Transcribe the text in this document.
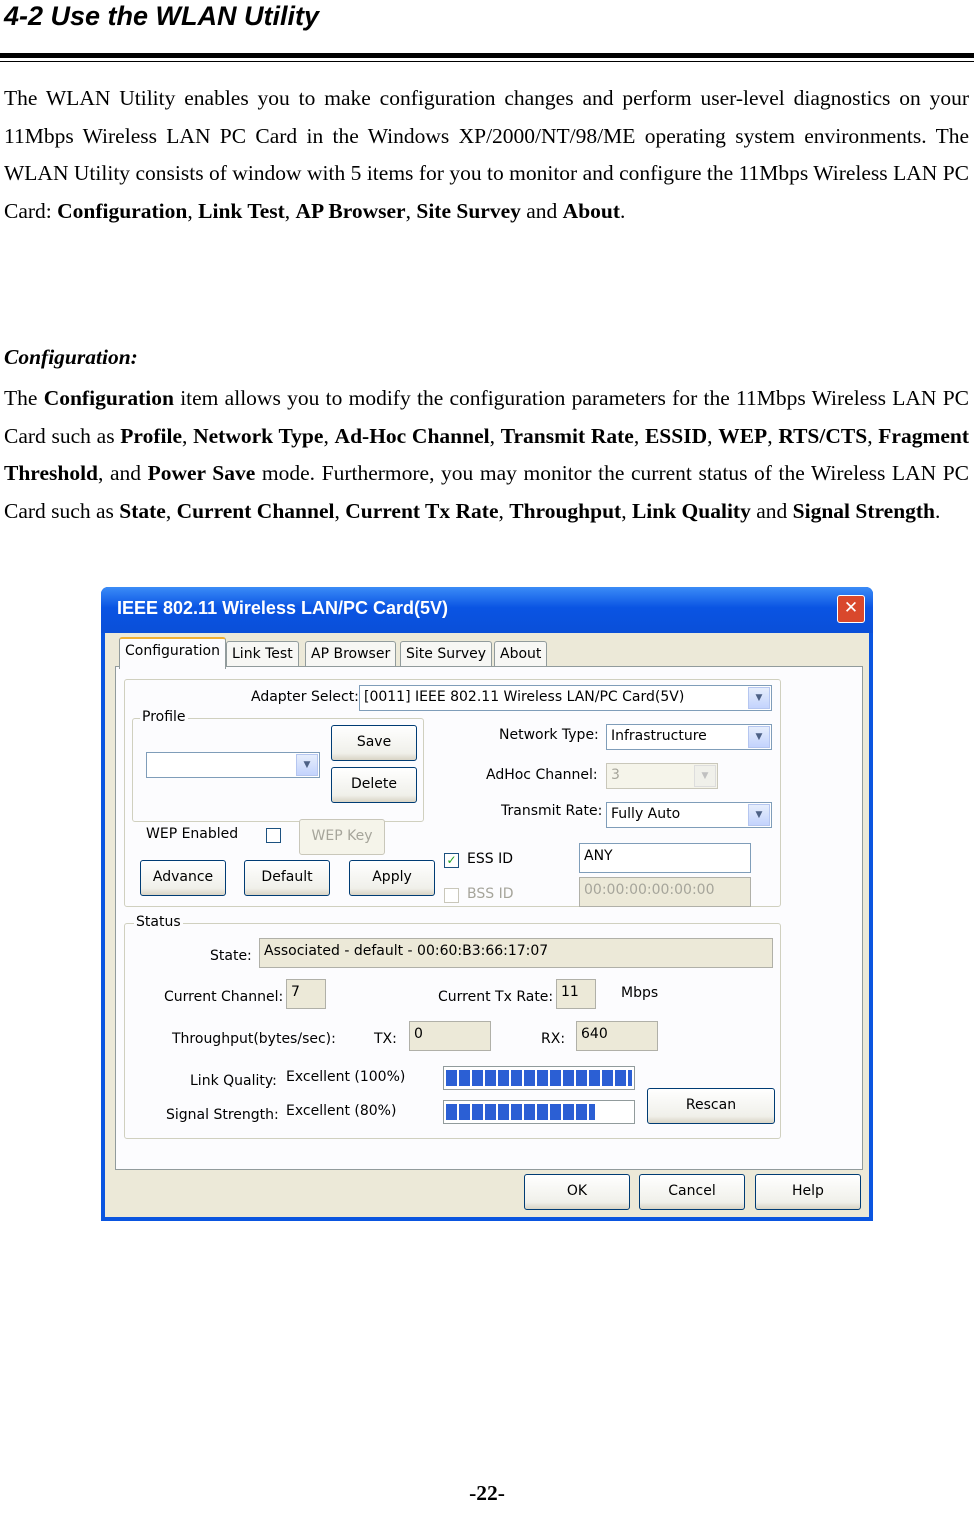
4-2 Use the WLAN Utility
The WLAN Utility enables you to make configuration changes and perform user-level diagnostics on your 11Mbps Wireless LAN PC Card in the Windows XP/2000/NT/98/ME operating system environments. The WLAN Utility consists of window with 5 items for you to monitor and configure the 11Mbps Wireless LAN PC Card: Configuration, Link Test, AP Browser, Site Survey and About.
Configuration:
The Configuration item allows you to modify the configuration parameters for the 11Mbps Wireless LAN PC Card such as Profile, Network Type, Ad-Hoc Channel, Transmit Rate, ESSID, WEP, RTS/CTS, Fragment Threshold, and Power Save mode. Furthermore, you may monitor the current status of the Wireless LAN PC Card such as State, Current Channel, Current Tx Rate, Throughput, Link Quality and Signal Strength.
IEEE 802.11 Wireless LAN/PC Card(5V)	✕
Configuration Link Test	AP Browser	Site Survey About
Adapter Select: [0011] IEEE 802.11 Wireless LAN/PC Card(5V)	▼
Profile
▼
Save
Delete
Network Type: Infrastructure	▼
AdHoc Channel: 3	▼
Transmit Rate: Fully Auto	▼
WEP Enabled	WEP Key
✓ ESS ID	ANY
BSS ID	00:00:00:00:00:00
Advance	Default	Apply
Status
State: Associated - default - 00:60:B3:66:17:07
Current Channel: 7	Current Tx Rate: 11	Mbps
Throughput(bytes/sec):	TX: 0	RX: 640
Link Quality: Excellent (100%)
Signal Strength: Excellent (80%)	Rescan
OK	Cancel	Help
-22-
